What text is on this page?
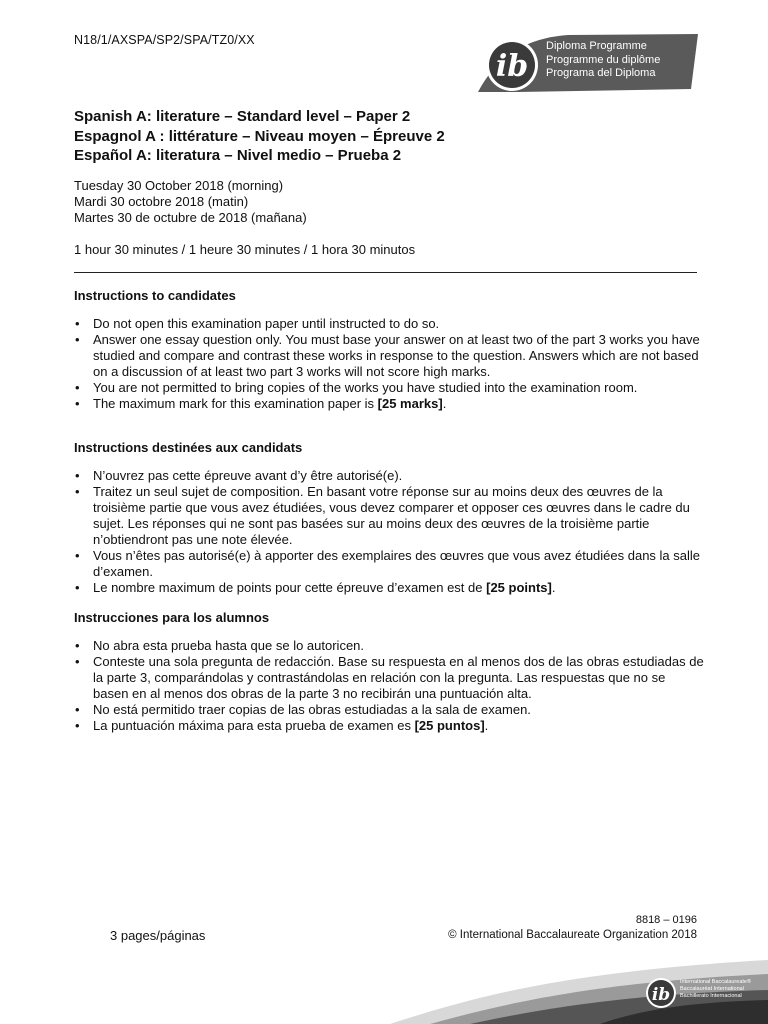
N18/1/AXSPA/SP2/SPA/TZ0/XX
ib
Diploma Programme
Programme du diplôme
Programa del Diploma
Spanish A: literature – Standard level – Paper 2
Espagnol A : littérature – Niveau moyen – Épreuve 2
Español A: literatura – Nivel medio – Prueba 2
Tuesday 30 October 2018 (morning)
Mardi 30 octobre 2018 (matin)
Martes 30 de octubre de 2018 (mañana)
1 hour 30 minutes / 1 heure 30 minutes / 1 hora 30 minutos
Instructions to candidates
• Do not open this examination paper until instructed to do so.
• Answer one essay question only. You must base your answer on at least two of the part 3 works you have studied and compare and contrast these works in response to the question. Answers which are not based on a discussion of at least two part 3 works will not score high marks.
• You are not permitted to bring copies of the works you have studied into the examination room.
• The maximum mark for this examination paper is [25 marks].
Instructions destinées aux candidats
• N’ouvrez pas cette épreuve avant d’y être autorisé(e).
• Traitez un seul sujet de composition. En basant votre réponse sur au moins deux des œuvres de la troisième partie que vous avez étudiées, vous devez comparer et opposer ces œuvres dans le cadre du sujet. Les réponses qui ne sont pas basées sur au moins deux des œuvres de la troisième partie n’obtiendront pas une note élevée.
• Vous n’êtes pas autorisé(e) à apporter des exemplaires des œuvres que vous avez étudiées dans la salle d’examen.
• Le nombre maximum de points pour cette épreuve d’examen est de [25 points].
Instrucciones para los alumnos
• No abra esta prueba hasta que se lo autoricen.
• Conteste una sola pregunta de redacción. Base su respuesta en al menos dos de las obras estudiadas de la parte 3, comparándolas y contrastándolas en relación con la pregunta. Las respuestas que no se basen en al menos dos obras de la parte 3 no recibirán una puntuación alta.
• No está permitido traer copias de las obras estudiadas a la sala de examen.
• La puntuación máxima para esta prueba de examen es [25 puntos].
8818 – 0196
3 pages/páginas	© International Baccalaureate Organization 2018
ib
International Baccalaureate®
Baccalauréat International
Bachillerato Internacional
